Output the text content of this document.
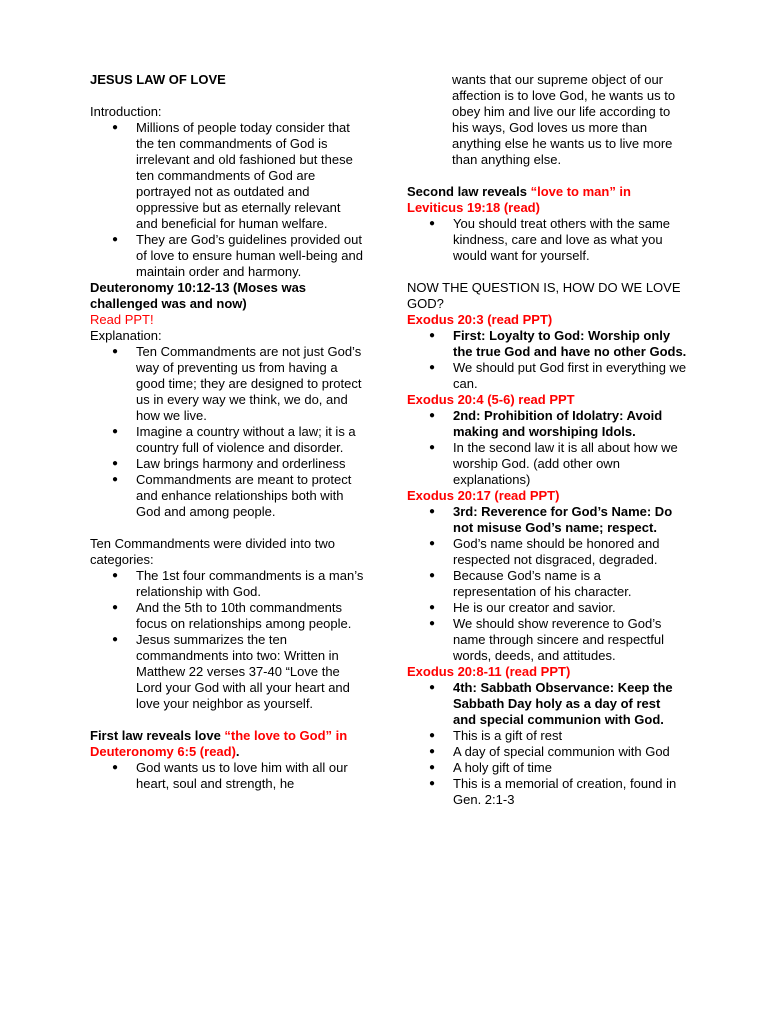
JESUS LAW OF LOVE

Introduction:

● Millions of people today consider that the ten commandments of God is irrelevant and old fashioned but these ten commandments of God are portrayed not as outdated and oppressive but as eternally relevant and beneficial for human welfare.
● They are God’s guidelines provided out of love to ensure human well-being and maintain order and harmony.

Deuteronomy 10:12-13 (Moses was challenged was and now)

Read PPT!

Explanation:

● Ten Commandments are not just God’s way of preventing us from having a good time; they are designed to protect us in every way we think, we do, and how we live.
● Imagine a country without a law; it is a country full of violence and disorder.
● Law brings harmony and orderliness
● Commandments are meant to protect and enhance relationships both with God and among people.

Ten Commandments were divided into two categories:

● The 1st four commandments is a man’s relationship with God.
● And the 5th to 10th commandments focus on relationships among people.
● Jesus summarizes the ten commandments into two: Written in Matthew 22 verses 37-40 “Love the Lord your God with all your heart and love your neighbor as yourself.

First law reveals love “the love to God” in Deuteronomy 6:5 (read).

● God wants us to love him with all our heart, soul and strength, he

wants that our supreme object of our affection is to love God, he wants us to obey him and live our life according to his ways, God loves us more than anything else he wants us to live more than anything else.

Second law reveals “love to man” in Leviticus 19:18 (read)

● You should treat others with the same kindness, care and love as what you would want for yourself.

NOW THE QUESTION IS, HOW DO WE LOVE GOD?

Exodus 20:3 (read PPT)

● First: Loyalty to God: Worship only the true God and have no other Gods.
● We should put God first in everything we can.

Exodus 20:4 (5-6) read PPT

● 2nd: Prohibition of Idolatry: Avoid making and worshiping Idols.
● In the second law it is all about how we worship God. (add other own explanations)

Exodus 20:17 (read PPT)

● 3rd: Reverence for God’s Name: Do not misuse God’s name; respect.
● God’s name should be honored and respected not disgraced, degraded.
● Because God’s name is a representation of his character.
● He is our creator and savior.
● We should show reverence to God’s name through sincere and respectful words, deeds, and attitudes.

Exodus 20:8-11 (read PPT)

● 4th: Sabbath Observance: Keep the Sabbath Day holy as a day of rest and special communion with God.
● This is a gift of rest
● A day of special communion with God
● A holy gift of time
● This is a memorial of creation, found in Gen. 2:1-3
